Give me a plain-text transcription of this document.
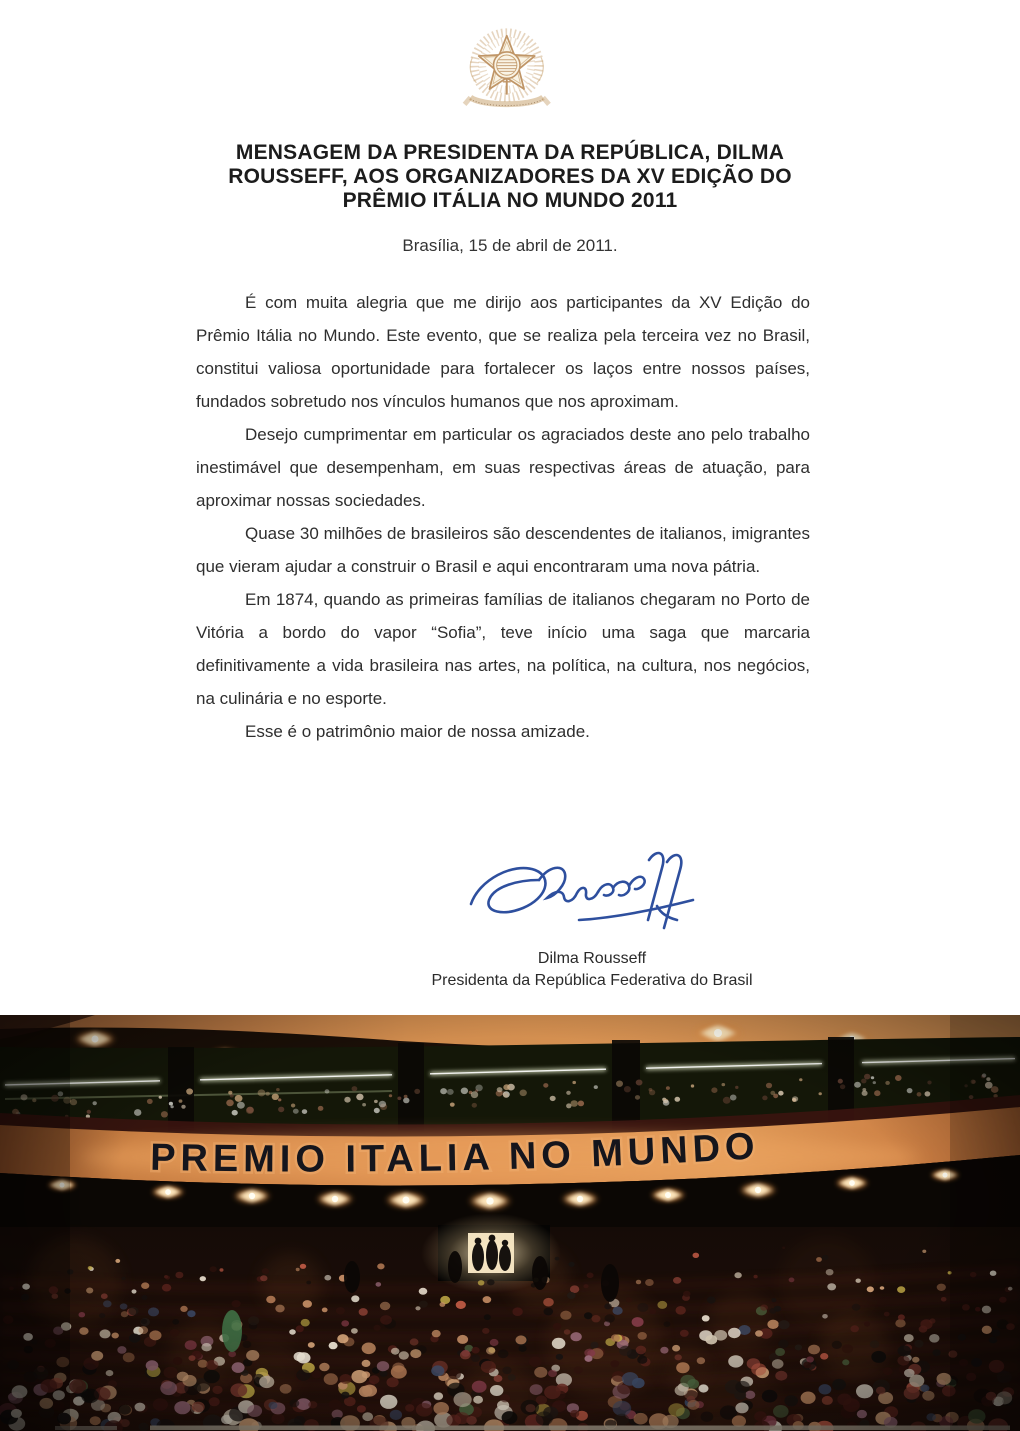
MENSAGEM DA PRESIDENTA DA REPÚBLICA, DILMA
ROUSSEFF, AOS ORGANIZADORES DA XV EDIÇÃO DO
PRÊMIO ITÁLIA NO MUNDO 2011
Brasília, 15 de abril de 2011.

É com muita alegria que me dirijo aos participantes da XV Edição do Prêmio Itália no Mundo. Este evento, que se realiza pela terceira vez no Brasil, constitui valiosa oportunidade para fortalecer os laços entre nossos países, fundados sobretudo nos vínculos humanos que nos aproximam.

Desejo cumprimentar em particular os agraciados deste ano pelo trabalho inestimável que desempenham, em suas respectivas áreas de atuação, para aproximar nossas sociedades.

Quase 30 milhões de brasileiros são descendentes de italianos, imigrantes que vieram ajudar a construir o Brasil e aqui encontraram uma nova pátria.

Em 1874, quando as primeiras famílias de italianos chegaram no Porto de Vitória a bordo do vapor “Sofia”, teve início uma saga que marcaria definitivamente a vida brasileira nas artes, na política, na cultura, nos negócios, na culinária e no esporte.

Esse é o patrimônio maior de nossa amizade.

Dilma Rousseff
Presidenta da República Federativa do Brasil
